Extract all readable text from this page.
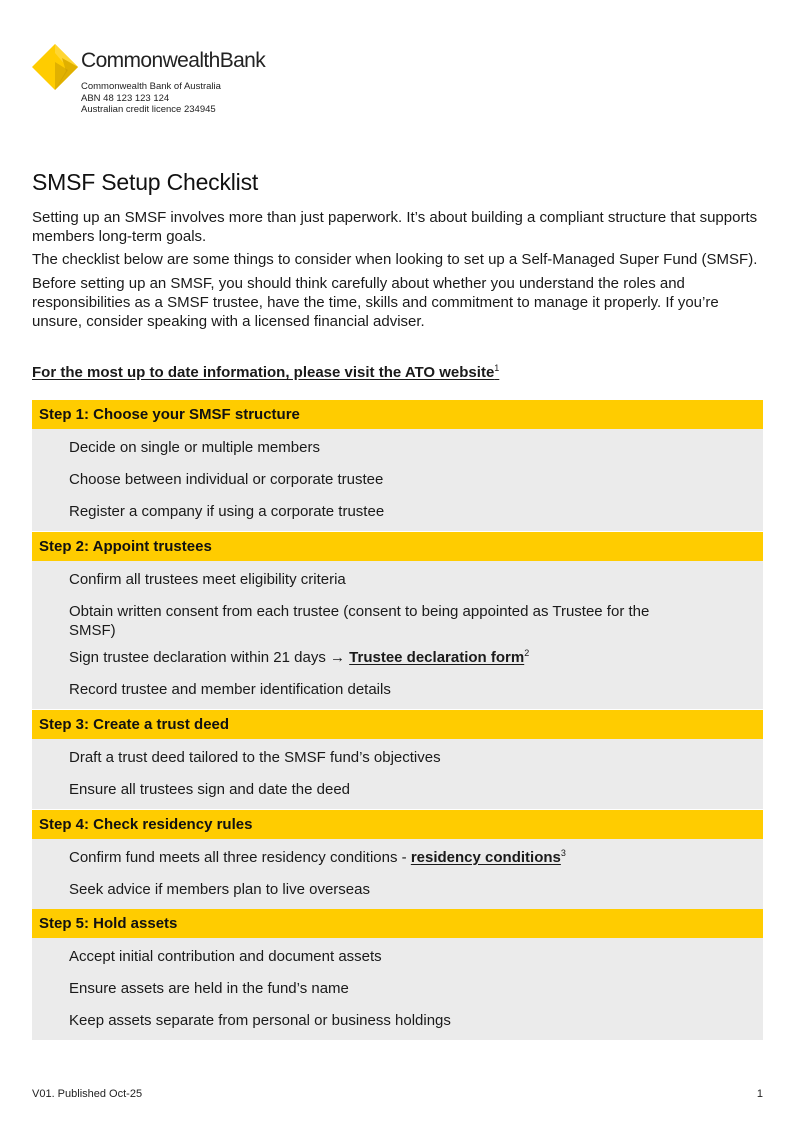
CommonwealthBank
Commonwealth Bank of Australia
ABN 48 123 123 124
Australian credit licence 234945
SMSF Setup Checklist

Setting up an SMSF involves more than just paperwork. It’s about building a compliant structure that supports members long-term goals.

The checklist below are some things to consider when looking to set up a Self-Managed Super Fund (SMSF).

Before setting up an SMSF, you should think carefully about whether you understand the roles and responsibilities as a SMSF trustee, have the time, skills and commitment to manage it properly. If you’re unsure, consider speaking with a licensed financial adviser.

For the most up to date information, please visit the ATO website$^1$
Step 1: Choose your SMSF structure
Decide on single or multiple members
Choose between individual or corporate trustee
Register a company if using a corporate trustee
Step 2: Appoint trustees
Confirm all trustees meet eligibility criteria
Obtain written consent from each trustee (consent to being appointed as Trustee for the SMSF)
Sign trustee declaration within 21 days → Trustee declaration form$^2$
Record trustee and member identification details
Step 3: Create a trust deed
Draft a trust deed tailored to the SMSF fund’s objectives
Ensure all trustees sign and date the deed
Step 4: Check residency rules
Confirm fund meets all three residency conditions - residency conditions$^3$
Seek advice if members plan to live overseas
Step 5: Hold assets
Accept initial contribution and document assets
Ensure assets are held in the fund’s name
Keep assets separate from personal or business holdings
V01. Published Oct-25	1
